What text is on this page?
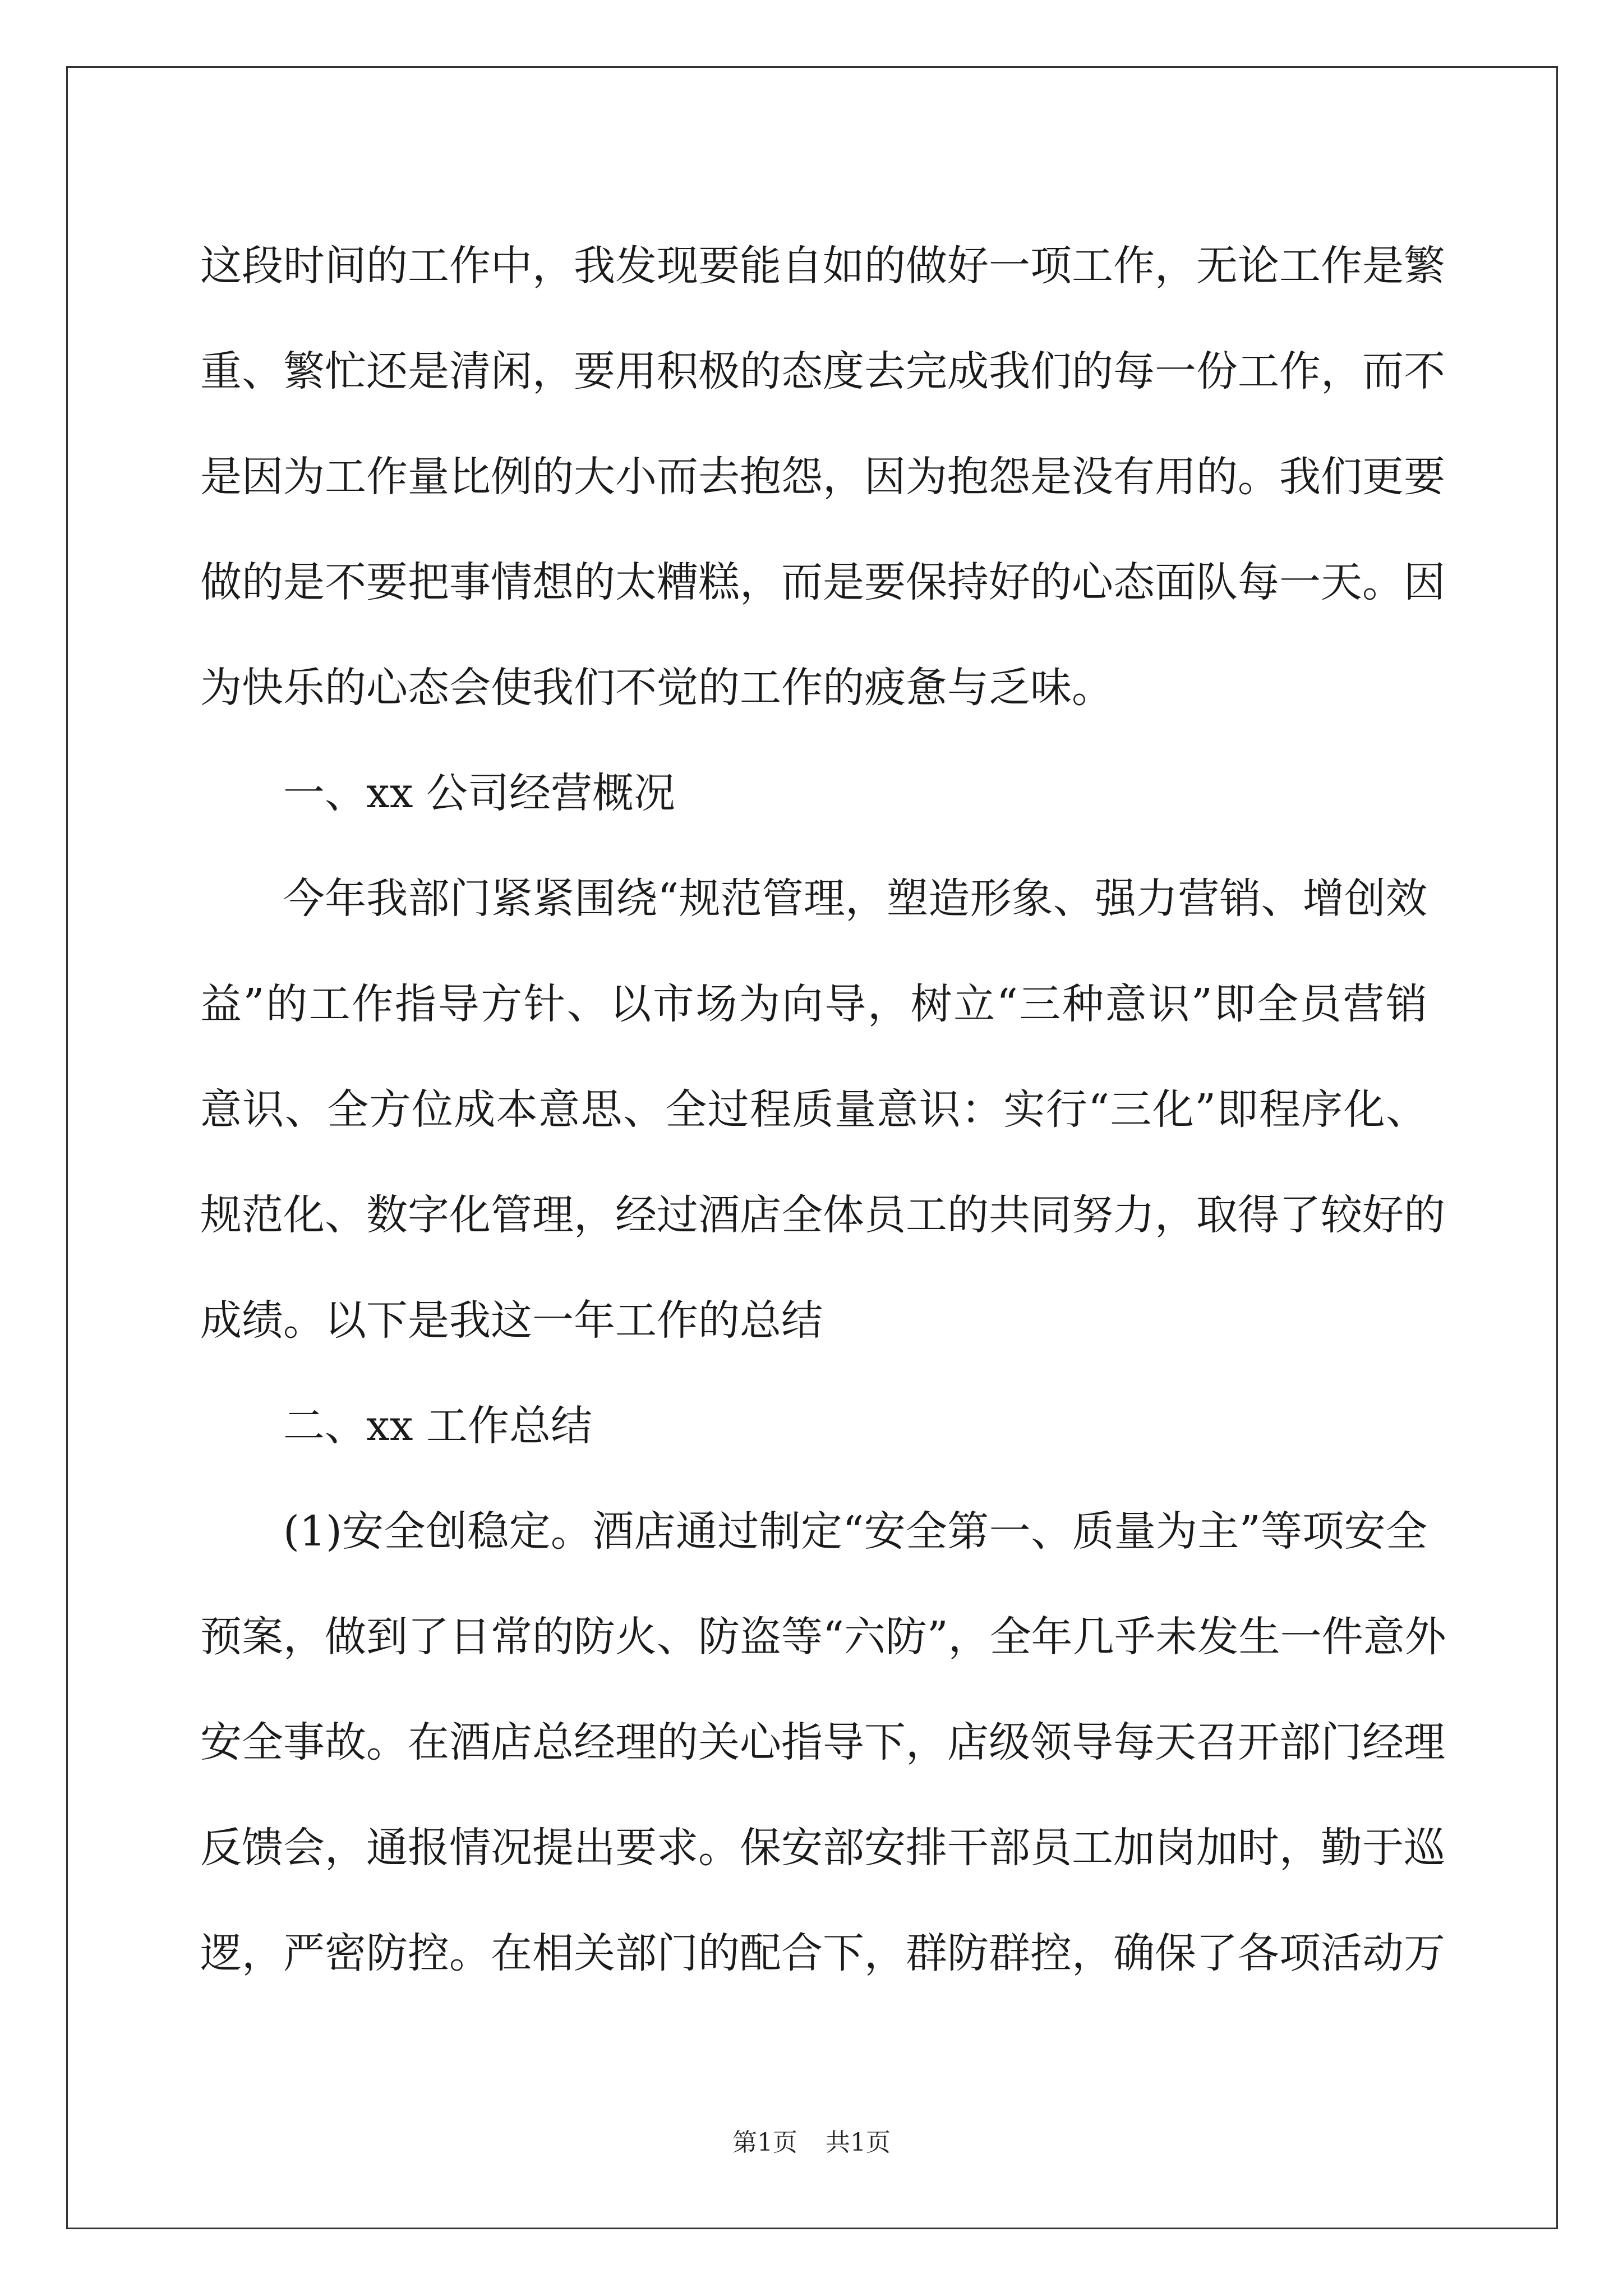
这段时间的工作中，我发现要能自如的做好一项工作，无论工作是繁
重、繁忙还是清闲，要用积极的态度去完成我们的每一份工作，而不
是因为工作量比例的大小而去抱怨，因为抱怨是没有用的。我们更要
做的是不要把事情想的太糟糕，而是要保持好的心态面队每一天。因
为快乐的心态会使我们不觉的工作的疲惫与乏味。
一、xx 公司经营概况
今年我部门紧紧围绕“规范管理，塑造形象、强力营销、增创效
益”的工作指导方针、以市场为向导，树立“三种意识”即全员营销
意识、全方位成本意思、全过程质量意识：实行“三化”即程序化、
规范化、数字化管理，经过酒店全体员工的共同努力，取得了较好的
成绩。以下是我这一年工作的总结
二、xx 工作总结
(1)安全创稳定。酒店通过制定“安全第一、质量为主”等项安全
预案，做到了日常的防火、防盗等“六防”，全年几乎未发生一件意外
安全事故。在酒店总经理的关心指导下，店级领导每天召开部门经理
反馈会，通报情况提出要求。保安部安排干部员工加岗加时，勤于巡
逻，严密防控。在相关部门的配合下，群防群控，确保了各项活动万
第1页 共1页
